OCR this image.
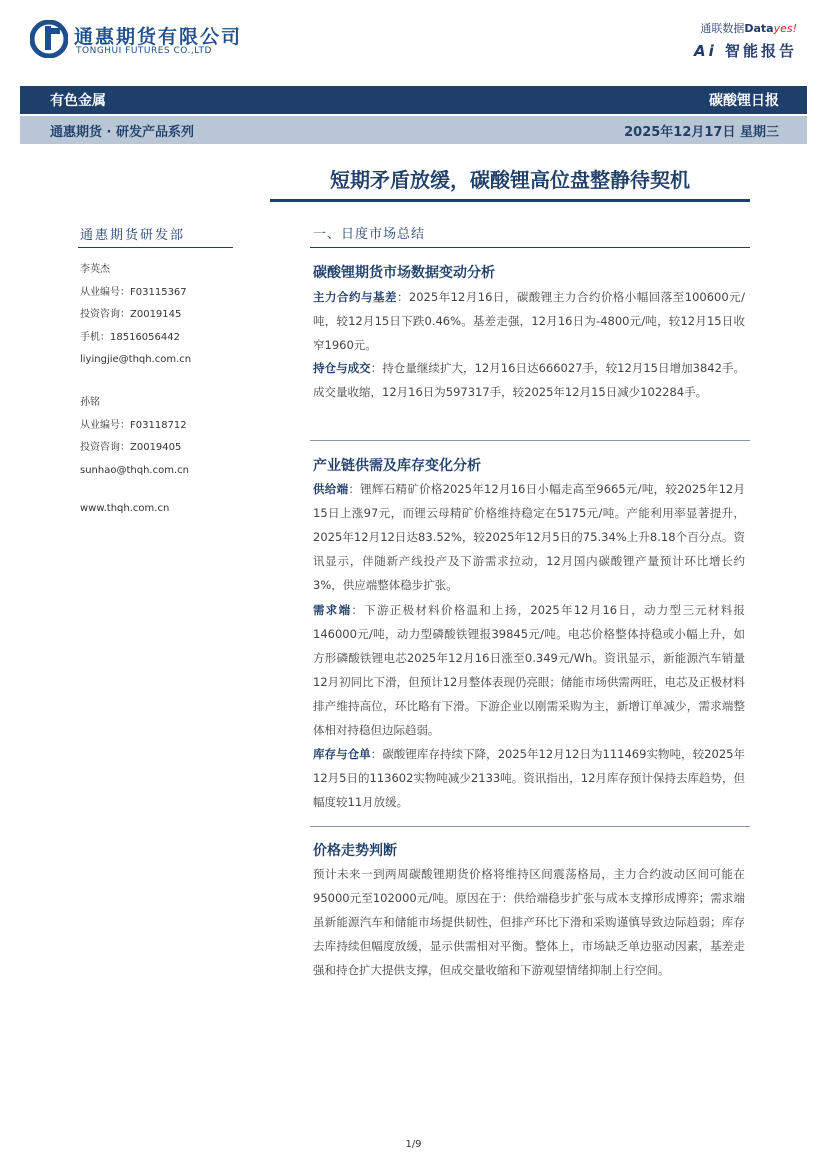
通惠期货有限公司
TONGHUI FUTURES CO.,LTD
通联数据Datayes!
Ai 智能报告
有色金属	碳酸锂日报
通惠期货 · 研发产品系列	2025年12月17日 星期三
短期矛盾放缓，碳酸锂高位盘整静待契机
通惠期货研发部
李英杰
从业编号：F03115367
投资咨询：Z0019145
手机：18516056442
liyingjie@thqh.com.cn
孙铭
从业编号：F03118712
投资咨询：Z0019405
sunhao@thqh.com.cn
www.thqh.com.cn
一、日度市场总结
碳酸锂期货市场数据变动分析
主力合约与基差：2025年12月16日，碳酸锂主力合约价格小幅回落至100600元/吨，较12月15日下跌0.46%。基差走强，12月16日为-4800元/吨，较12月15日收窄1960元。
持仓与成交：持仓量继续扩大，12月16日达666027手，较12月15日增加3842手。成交量收缩，12月16日为597317手，较2025年12月15日减少102284手。
产业链供需及库存变化分析
供给端：锂辉石精矿价格2025年12月16日小幅走高至9665元/吨，较2025年12月15日上涨97元，而锂云母精矿价格维持稳定在5175元/吨。产能利用率显著提升，2025年12月12日达83.52%，较2025年12月5日的75.34%上升8.18个百分点。资讯显示，伴随新产线投产及下游需求拉动，12月国内碳酸锂产量预计环比增长约3%，供应端整体稳步扩张。
需求端：下游正极材料价格温和上扬，2025年12月16日，动力型三元材料报146000元/吨，动力型磷酸铁锂报39845元/吨。电芯价格整体持稳或小幅上升，如方形磷酸铁锂电芯2025年12月16日涨至0.349元/Wh。资讯显示，新能源汽车销量12月初同比下滑，但预计12月整体表现仍亮眼；储能市场供需两旺，电芯及正极材料排产维持高位，环比略有下滑。下游企业以刚需采购为主，新增订单减少，需求端整体相对持稳但边际趋弱。
库存与仓单：碳酸锂库存持续下降，2025年12月12日为111469实物吨，较2025年12月5日的113602实物吨减少2133吨。资讯指出，12月库存预计保持去库趋势，但幅度较11月放缓。
价格走势判断
预计未来一到两周碳酸锂期货价格将维持区间震荡格局，主力合约波动区间可能在95000元至102000元/吨。原因在于：供给端稳步扩张与成本支撑形成博弈；需求端虽新能源汽车和储能市场提供韧性，但排产环比下滑和采购谨慎导致边际趋弱；库存去库持续但幅度放缓，显示供需相对平衡。整体上，市场缺乏单边驱动因素，基差走强和持仓扩大提供支撑，但成交量收缩和下游观望情绪抑制上行空间。
1/9
